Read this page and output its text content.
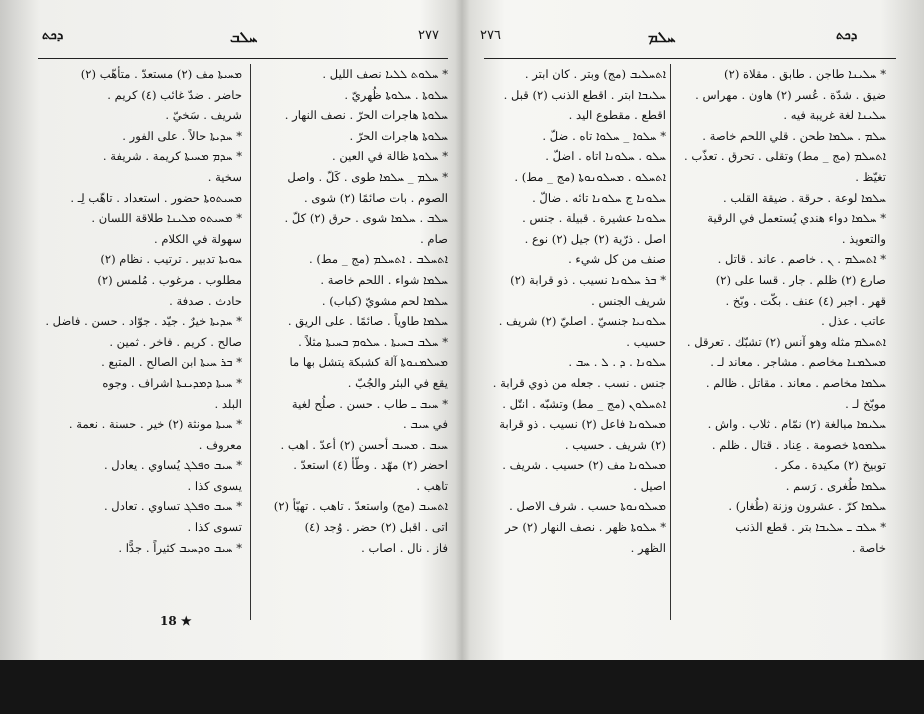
ܕܟܬ	ܚܠܒ	٢٧٧
ܡܚܝܬܐ مف (٢) مستعدّ . متأهّب (٢)
حاضر . ضدّ غائب (٤) كريم .
شريف . سَخيّ .
* ܚܕܝܬܐ حالاً . على الفور .
* ܚܕܡ ܡܚܝܬܐ كريمة . شريفة .
سخية .
ܡܚܝܬܘܬܐ حضور . استعداد . تاهّب لِـ .
* ܡܚܝܬܘ ܡܠܝܢܐ طلاقة اللسان .
سهولة في الكلام .
ܚܘܝܬܐ تدبير . ترتيب . نظام (٢)
مطلوب . مرغوب . مُلمس (٢)
حادث . صدفة .
* ܚܕܝܬܐ خيرٌ . جيّد . جوّاد . حسن . فاضل .
صالح . كريم . فاخر . ثمين .
* ܒܪ ܚܝܬܐ ابن الصالح . المتبع .
* ܚܝܬܐ ܕܡܕܝܢܬܐ اشراف . وجوه
البلد .
* ܚܝܬܐ مونثة (٢) خير . حسنة . نعمة .
معروف .
* ܚܝܒ ܘܦܠܓ يُساوي . يعادل .
يسوى كذا .
* ܚܝܒ ܘܦܠܓ تساوي . تعادل .
تسوى كذا .
* ܚܝܒ ܘܕܚܝܒ كثيراً . جدًّا .
* ܚܠܘܬ ܠܠܝܐ نصف الليل .
ܚܠܘܬܐ . ܚܠܘܬܐ ظُهريّ .
ܚܠܘܬܐ هاجرات الحرّ . نصف النهار .
ܚܠܘܬܐ هاجرات الحرّ .
* ܚܠܘܬܐ ظالة في العين .
* ܚܠܡ _ ܚܠܡܐ طوى . كَلّ . واصل
الصوم . بات صائمًا (٢) شوى .
ܚܠܒ . ܚܠܡܐ شوى . حرق (٢) كلّ .
صام .
ܐܬܚܠܒ . ܐܬܚܠܡ (مج _ مط) .
ܚܠܡܐ شواء . اللحم خاصة .
ܚܠܡܐ لحم مشويّ (كباب) .
ܚܠܡܐ طاوياً . صائمًا . على الريق .
* ܚܠܒ ܒܚܝܬܐ . ܚܠܘܡ ܒܚܝܬܐ مثلاً .
ܡܚܠܡܢܘܬܐ آلة كشبكة يتشل بها ما
يقع في البئر والجُبّ .
* ܚܝܒ ـ طاب . حسن . صلُح لغية
في ܚܝܒ .
ܚܝܒ . ܡܚܝܒ أحسن (٢) أعدّ . اهب .
احضر (٢) مهّد . وطّأ (٤) استعدّ .
تاهب .
ܐܬܚܝܒ (مج) واستعدّ . تاهب . تهيّأ (٢)
اتى . اقبل (٢) حضر . وُجد (٤)
فاز . نال . اصاب .
18 ★
٢٧٦	ܚܠܡ	ܕܟܬ
ܐܬܚܠܝܒ (مج) وبتر . كان ابتر .
ܚܠܝܒܐ ابتر . اقطع الذنب (٢) قبل .
اقطع . مقطوع اليد .
* ܚܠܘܐ _ ܚܠܘܐ تاه . ضلّ .
ܚܠܘ . ܚܠܘܢܐ اتاه . اضلّ .
ܐܬܚܠܘ . ܡܚܠܘܢܘܬܐ (مج _ مط) .
ܚܠܘܢܐ ج ܚܠܘܢܐ تائه . ضالّ .
ܚܠܘܢܐ عشيرة . قبيلة . جنس .
اصل . ذرّية (٢) جيل (٢) نوع .
صنف من كل شيء .
* ܒܪ ܚܠܘܢܐ نسيب . ذو قرابة (٢)
شريف الجنس .
ܚܠܘܢܝܐ جنسيّ . اصليّ (٢) شريف .
حسيب .
ܚܠܘܢܐ . ܕ . ܠ . ܚܒ .
جنس . نسب . جعله من ذوي قرابة .
ܐܬܚܠܘܢ (مج _ مط) وتشبّه . انتّل .
ܡܚܠܘܢܐ فاعل (٢) نسيب . ذو قرابة
(٢) شريف . حسيب .
ܡܚܠܘܢܐ مف (٢) حسيب . شريف .
اصيل .
ܡܚܠܘܢܘܬܐ حسب . شرف الاصل .
* ܚܠܘܬܐ ظهر . نصف النهار (٢) حر
الظهر .
* ܚܠܝܢܐ طاجن . طابق . مقلاة (٢)
ضيق . شدّة . عُسر (٢) هاون . مهراس .
ܚܠܝܢܐ لغة غريبة فيه .
ܚܠܡ . ܚܠܡܐ طحن . قلي اللحم خاصة .
ܐܬܚܠܡ (مج _ مط) وتقلى . تحرق . تعذّب .
تغيّظ .
ܚܠܡܐ لوعة . حرقة . ضيقة القلب .
* ܚܠܡܐ دواء هندي يُستعمل في الرقية
والتعويذ .
* ܐܬܚܠܡ . ܢ . خاصم . عاند . قاتل .
صارع (٢) ظلم . جار . قسا على (٢)
قهر . اجبر (٤) عنف . بكّت . وبّخ .
عاتب . عذل .
ܐܬܚܠܡ مثله وهو آنس (٢) تشبّك . تعرقل .
ܡܚܠܡܢܐ مخاصم . مشاجر . معاند لـ .
ܚܠܡܐ مخاصم . معاند . مقاتل . ظالم .
موبّخ لـ .
ܚܠܝܡܐ مبالغة (٢) نمّام . ثلاب . واش .
ܚܠܡܘܬܐ خصومة . عِناد . قتال . ظلم .
توبيخ (٢) مكيدة . مكر .
ܚܠܡܐ طُغرى . رَسم .
ܚܠܡܐ كرّ . عشرون وزنة (طُغار) .
* ܚܠܒ ـ ܚܠܝܒܐ بتر . قطع الذنب
خاصة .
